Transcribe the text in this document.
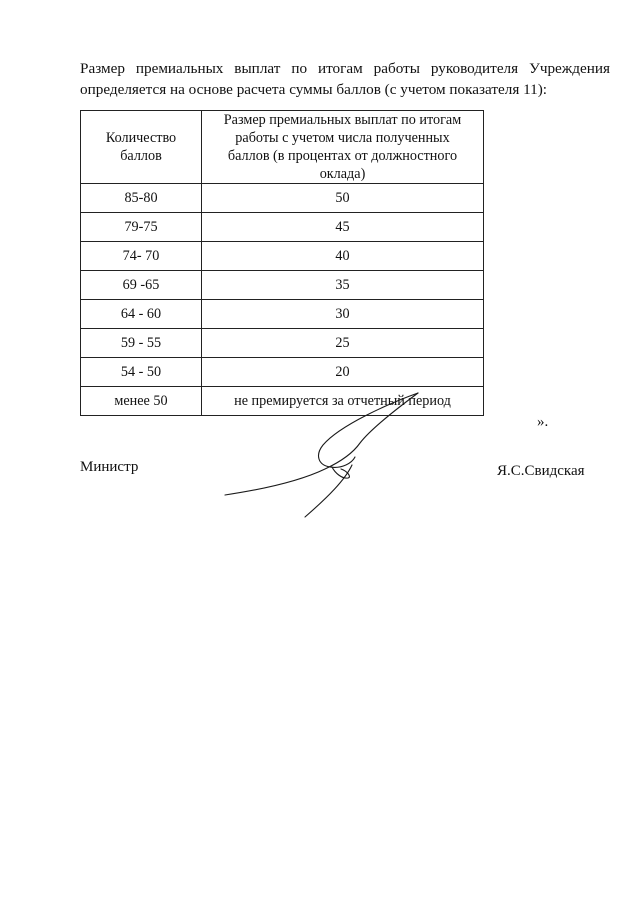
Размер премиальных выплат по итогам работы руководителя Учреждения

определяется на основе расчета суммы баллов (с учетом показателя 11):

Количество баллов	Размер премиальных выплат по итогам работы с учетом числа полученных баллов (в процентах от должностного оклада)
85-80	50
79-75	45
74- 70	40
69 -65	35
64 - 60	30
59 - 55	25
54 - 50	20
менее 50	не премируется за отчетный период
».
Министр	Я.С.Свидская
